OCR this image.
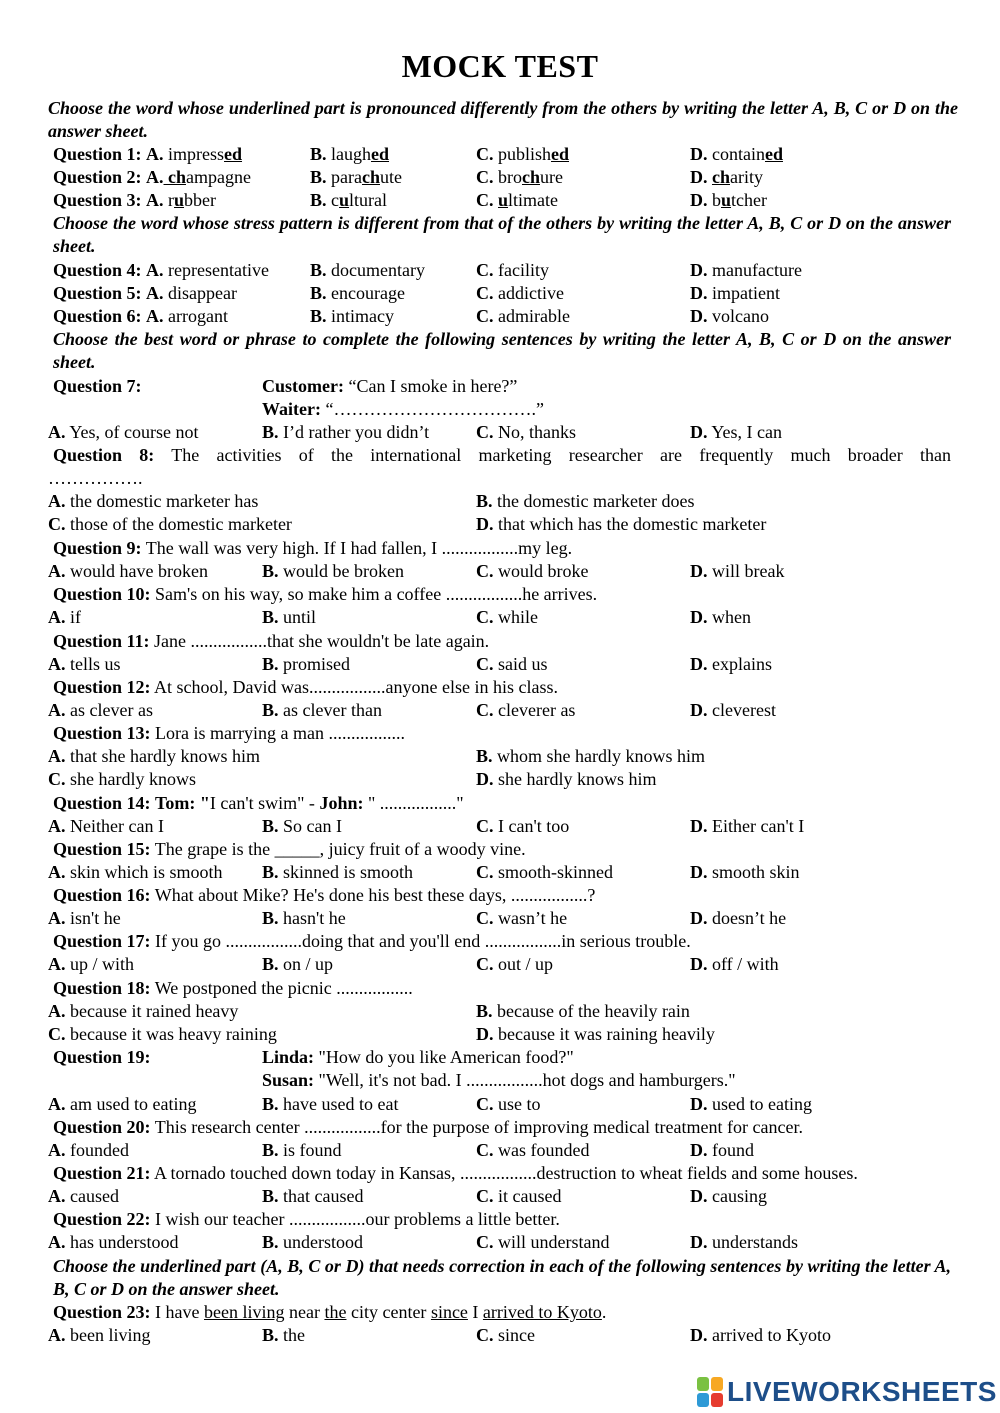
MOCK TEST
Choose the word whose underlined part is pronounced differently from the others by writing the letter A, B, C or D on the answer sheet.
Question 1: A. impressed	B. laughed	C. published	D. contained
Question 2: A. champagne	B. parachute	C. brochure	D. charity
Question 3: A. rubber	B. cultural	C. ultimate	D. butcher
Choose the word whose stress pattern is different from that of the others by writing the letter A, B, C or D on the answer sheet.
Question 4: A. representative B. documentary	C. facility	D. manufacture
Question 5: A. disappear	B. encourage	C. addictive	D. impatient
Question 6: A. arrogant	B. intimacy	C. admirable	D. volcano
Choose the best word or phrase to complete the following sentences by writing the letter A, B, C or D on the answer sheet.
Question 7:	Customer: “Can I smoke in here?”
Waiter: “…………………………….”
A. Yes, of course not	B. I’d rather you didn’t	C. No, thanks	D. Yes, I can
Question 8: The activities of the international marketing researcher are frequently much broader than
…………….
A. the domestic marketer has	B. the domestic marketer does
C. those of the domestic marketer	D. that which has the domestic marketer
Question 9: The wall was very high. If I had fallen, I .................my leg.
A. would have broken	B. would be broken	C. would broke	D. will break
Question 10: Sam's on his way, so make him a coffee .................he arrives.
A. if	B. until	C. while	D. when
Question 11: Jane .................that she wouldn't be late again.
A. tells us	B. promised	C. said us	D. explains
Question 12: At school, David was.................anyone else in his class.
A. as clever as	B. as clever than	C. cleverer as	D. cleverest
Question 13: Lora is marrying a man .................
A. that she hardly knows him	B. whom she hardly knows him
C. she hardly knows	D. she hardly knows him
Question 14: Tom: "I can't swim" - John: " ................."
A. Neither can I	B. So can I	C. I can't too	D. Either can't I
Question 15: The grape is the _____, juicy fruit of a woody vine.
A. skin which is smooth B. skinned is smooth	C. smooth-skinned	D. smooth skin
Question 16: What about Mike? He's done his best these days, .................?
A. isn't he	B. hasn't he	C. wasn’t he	D. doesn’t he
Question 17: If you go .................doing that and you'll end .................in serious trouble.
A. up / with	B. on / up	C. out / up	D. off / with
Question 18: We postponed the picnic .................
A. because it rained heavy	B. because of the heavily rain
C. because it was heavy raining	D. because it was raining heavily
Question 19:	Linda: "How do you like American food?"
Susan: "Well, it's not bad. I .................hot dogs and hamburgers."
A. am used to eating	B. have used to eat	C. use to	D. used to eating
Question 20: This research center .................for the purpose of improving medical treatment for cancer.
A. founded	B. is found	C. was founded	D. found
Question 21: A tornado touched down today in Kansas, .................destruction to wheat fields and some houses.
A. caused	B. that caused	C. it caused	D. causing
Question 22: I wish our teacher .................our problems a little better.
A. has understood	B. understood	C. will understand	D. understands
Choose the underlined part (A, B, C or D) that needs correction in each of the following sentences by writing the letter A, B, C or D on the answer sheet.
Question 23: I have been living near the city center since I arrived to Kyoto.
A. been living	B. the	C. since	D. arrived to Kyoto
LIVEWORKSHEETS
